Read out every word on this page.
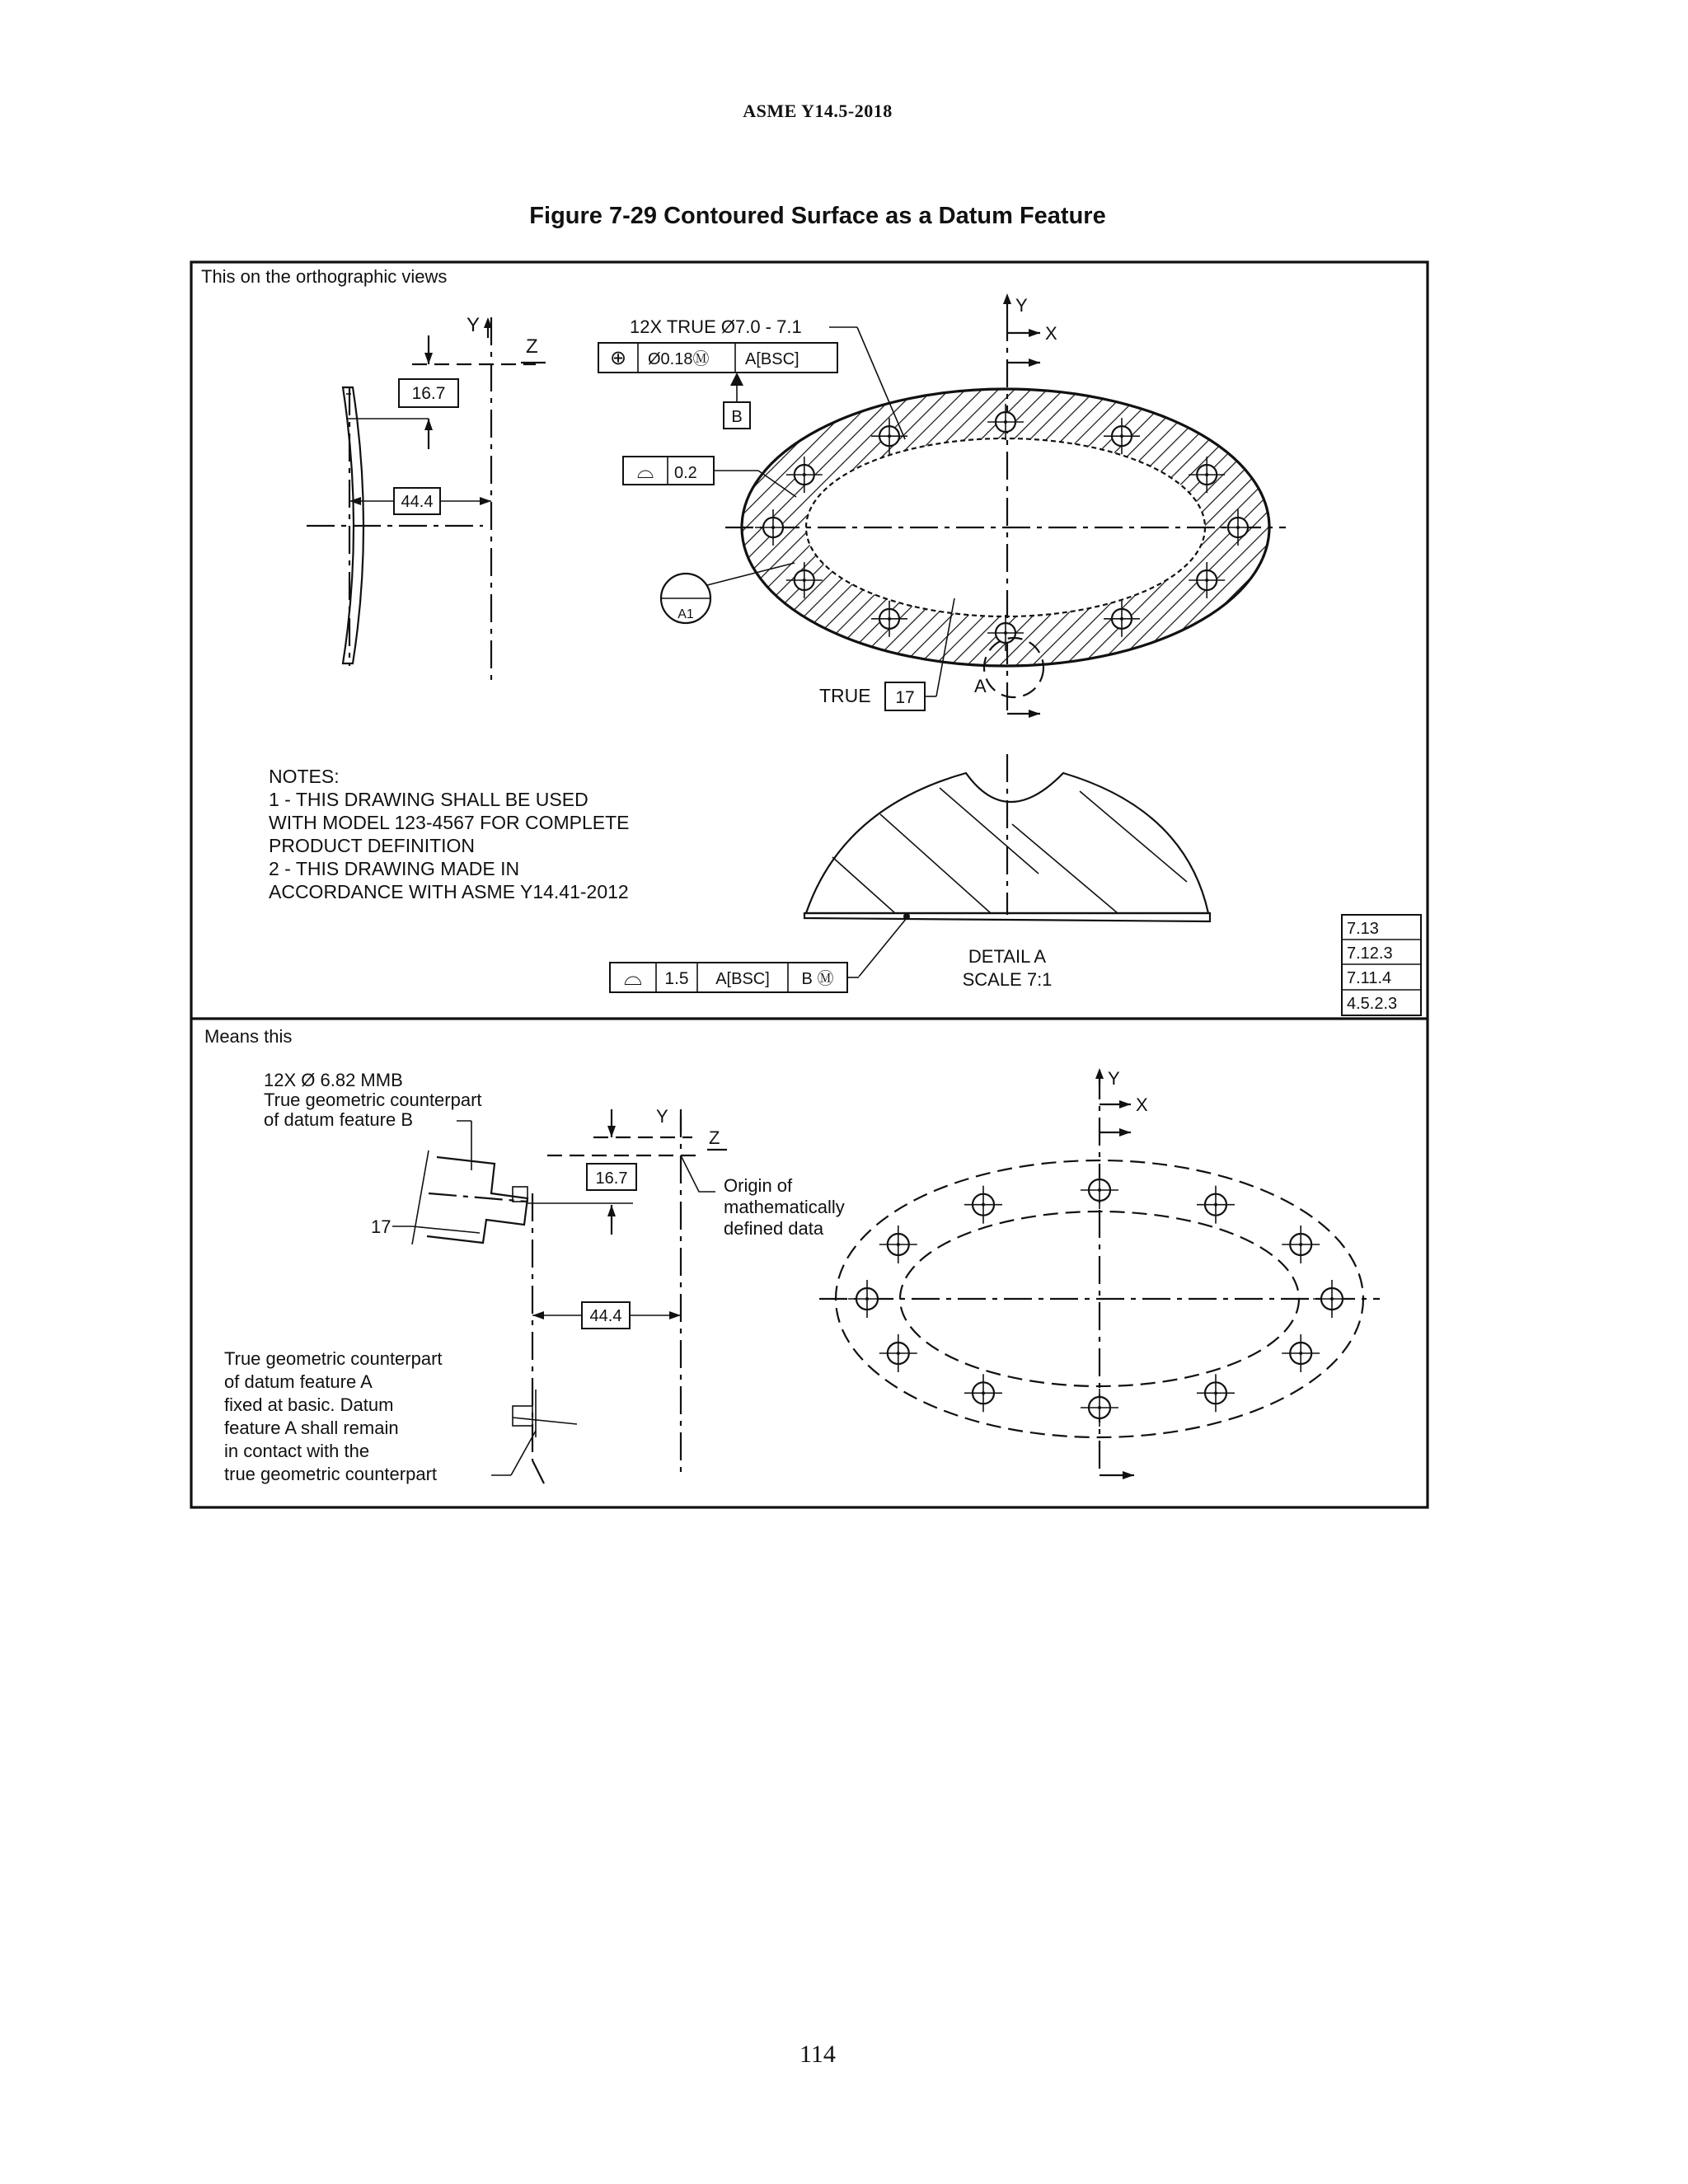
ASME Y14.5-2018
Figure 7-29 Contoured Surface as a Datum Feature
This on the orthographic views
16.7
44.4
Y
Z
12X TRUE Ø7.0 - 7.1
⊕ Ø0.18Ⓜ A[BSC]
B
⌓ 0.2
A1
Y
X
TRUE 17
A
NOTES: 1 - THIS DRAWING SHALL BE USED WITH MODEL 123-4567 FOR COMPLETE PRODUCT DEFINITION 2 - THIS DRAWING MADE IN ACCORDANCE WITH ASME Y14.41-2012
DETAIL A
SCALE 7:1
⌓ 1.5 A[BSC] B Ⓜ
7.13
7.12.3
7.11.4
4.5.2.3
Means this
12X Ø 6.82 MMB True geometric counterpart of datum feature B
17
16.7
44.4
Y
Z
Origin of mathematically defined data
True geometric counterpart of datum feature A fixed at basic. Datum feature A shall remain in contact with the true geometric counterpart
Y
X
114
